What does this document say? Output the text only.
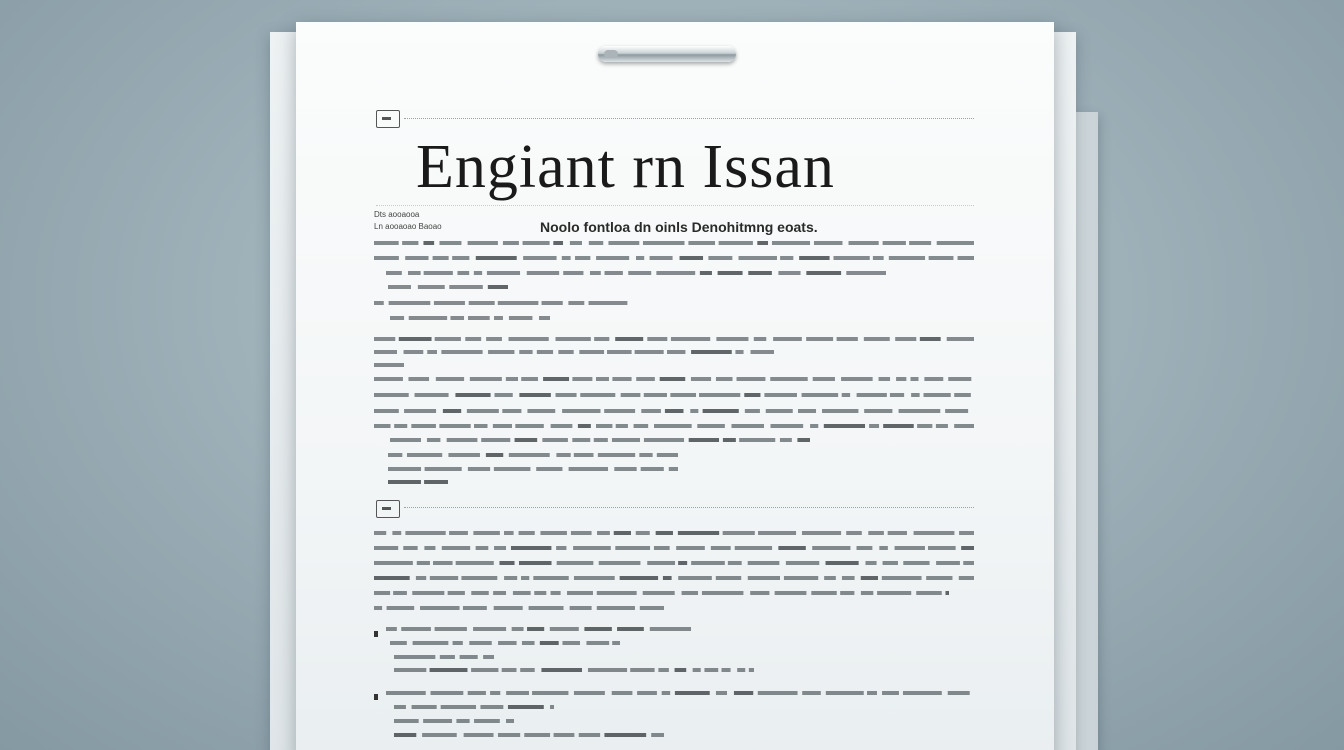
Engiant rn Issan
Dts aooaooa
Ln aooaoao Baoao	Noolo fontloa dn oinls Denohitmng eoats.
